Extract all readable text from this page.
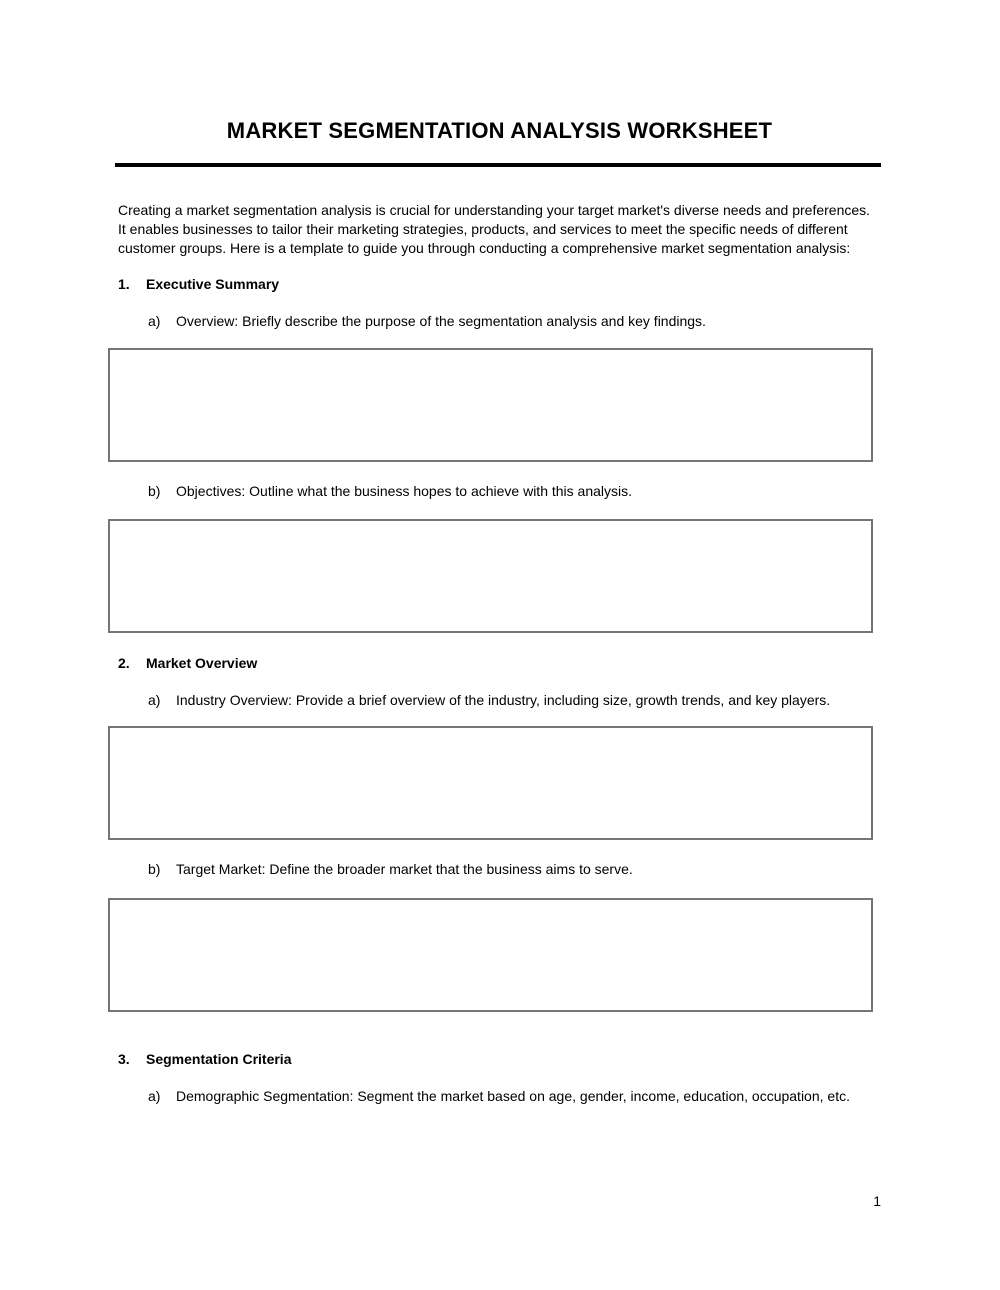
MARKET SEGMENTATION ANALYSIS WORKSHEET

Creating a market segmentation analysis is crucial for understanding your target market's diverse needs and preferences. It enables businesses to tailor their marketing strategies, products, and services to meet the specific needs of different customer groups. Here is a template to guide you through conducting a comprehensive market segmentation analysis:

1.	Executive Summary
a)	Overview: Briefly describe the purpose of the segmentation analysis and key findings.
b)	Objectives: Outline what the business hopes to achieve with this analysis.
2.	Market Overview
a)	Industry Overview: Provide a brief overview of the industry, including size, growth trends, and key players.
b)	Target Market: Define the broader market that the business aims to serve.
3.	Segmentation Criteria
a)	Demographic Segmentation: Segment the market based on age, gender, income, education, occupation, etc.
1
